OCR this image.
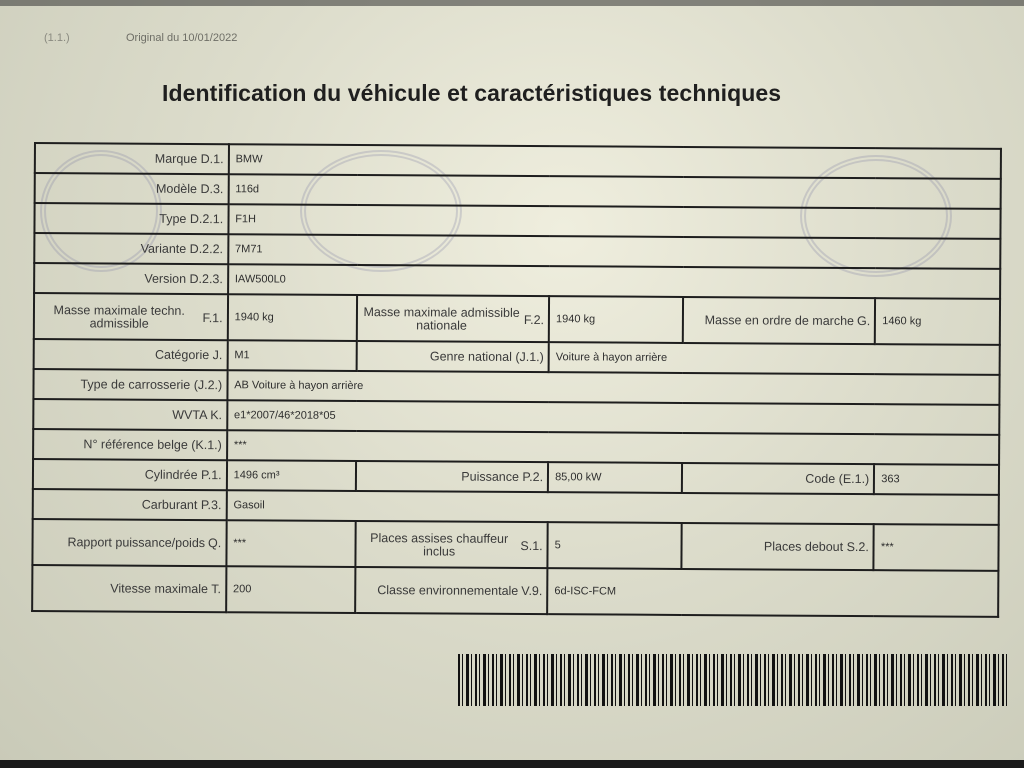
(1.1.)	Original du 10/01/2022
Identification du véhicule et caractéristiques techniques
Marque D.1.	BMW				
Modèle D.3.	116d				
Type D.2.1.	F1H				
Variante D.2.2.	7M71				
Version D.2.3.	IAW500L0				

Masse maximale techn. admissible F.1.	1940 kg	Masse maximale admissible nationale F.2.	1940 kg	Masse en ordre de marche G.	1460 kg
Catégorie J.	M1	Genre national (J.1.)	Voiture à hayon arrière		
Type de carrosserie (J.2.)	AB Voiture à hayon arrière				
WVTA K.	e1*2007/46*2018*05				
N° référence belge (K.1.)	***				
Cylindrée P.1.	1496 cm³	Puissance P.2.	85,00 kW	Code (E.1.)	363
Carburant P.3.	Gasoil				

Rapport puissance/poids Q.	***	Places assises chauffeur inclus S.1.	5	Places debout S.2.	***
Vitesse maximale T.	200	Classe environnementale V.9.	6d-ISC-FCM		
